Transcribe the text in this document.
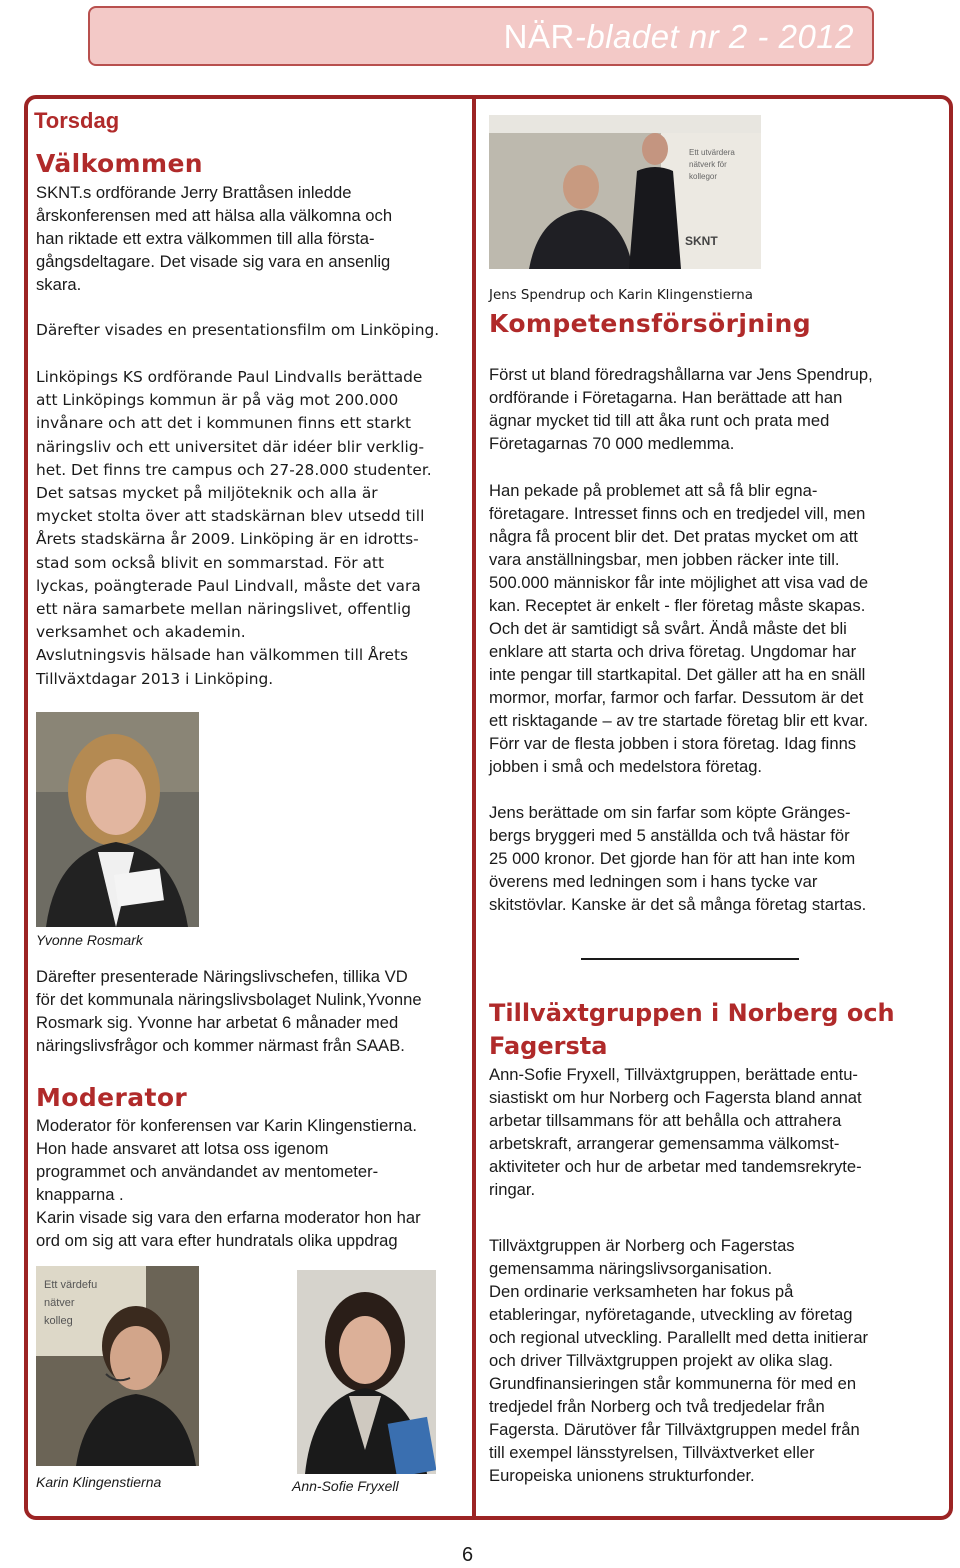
NÄR-bladet nr 2 - 2012
Torsdag
Välkommen
SKNT.s ordförande Jerry Brattåsen inledde
årskonferensen med att hälsa alla välkomna och
han riktade ett extra välkommen till alla första-
gångsdeltagare. Det visade sig vara en ansenlig
skara.
Därefter visades en presentationsfilm om Linköping.
Linköpings KS ordförande Paul Lindvalls berättade
att Linköpings kommun är på väg mot 200.000
invånare och att det i kommunen finns ett starkt
näringsliv och ett universitet där idéer blir verklig-
het. Det finns tre campus och 27-28.000 studenter.
Det satsas mycket på miljöteknik och alla är
mycket stolta över att stadskärnan blev utsedd till
Årets stadskärna år 2009. Linköping är en idrotts-
stad som också blivit en sommarstad. För att
lyckas, poängterade Paul Lindvall, måste det vara
ett nära samarbete mellan näringslivet, offentlig
verksamhet och akademin.
Avslutningsvis hälsade han välkommen till Årets
Tillväxtdagar 2013 i Linköping.
Yvonne Rosmark
Därefter presenterade Näringslivschefen, tillika VD
för det kommunala näringslivsbolaget Nulink,Yvonne
Rosmark sig. Yvonne har arbetat 6 månader med
näringslivsfrågor och kommer närmast från SAAB.
Moderator
Moderator för konferensen var Karin Klingenstierna.
Hon hade ansvaret att lotsa oss igenom
programmet och användandet av mentometer-
knapparna .
Karin visade sig vara den erfarna moderator hon har
ord om sig att vara efter hundratals olika uppdrag
Ett värdefu
nätver
kolleg
Karin Klingenstierna	Ann-Sofie Fryxell
Ett utvärdera
nätverk för
kollegor
SKNT
Jens Spendrup och Karin Klingenstierna
Kompetensförsörjning
Först ut bland föredragshållarna var Jens Spendrup,
ordförande i Företagarna. Han berättade att han
ägnar mycket tid till att åka runt och prata med
Företagarnas 70 000 medlemma.
Han pekade på problemet att så få blir egna-
företagare. Intresset finns och en tredjedel vill, men
några få procent blir det. Det pratas mycket om att
vara anställningsbar, men jobben räcker inte till.
500.000 människor får inte möjlighet att visa vad de
kan. Receptet är enkelt - fler företag måste skapas.
Och det är samtidigt så svårt. Ändå måste det bli
enklare att starta och driva företag. Ungdomar har
inte pengar till startkapital. Det gäller att ha en snäll
mormor, morfar, farmor och farfar. Dessutom är det
ett risktagande – av tre startade företag blir ett kvar.
Förr var de flesta jobben i stora företag. Idag finns
jobben i små och medelstora företag.
Jens berättade om sin farfar som köpte Gränges-
bergs bryggeri med 5 anställda och två hästar för
25 000 kronor. Det gjorde han för att han inte kom
överens med ledningen som i hans tycke var
skitstövlar. Kanske är det så många företag startas.
Tillväxtgruppen i Norberg och
Fagersta
Ann-Sofie Fryxell, Tillväxtgruppen, berättade entu-
siastiskt om hur Norberg och Fagersta bland annat
arbetar tillsammans för att behålla och attrahera
arbetskraft, arrangerar gemensamma välkomst-
aktiviteter och hur de arbetar med tandemsrekryte-
ringar.
Tillväxtgruppen är Norberg och Fagerstas
gemensamma näringslivsorganisation.
Den ordinarie verksamheten har fokus på
etableringar, nyföretagande, utveckling av företag
och regional utveckling. Parallellt med detta initierar
och driver Tillväxtgruppen projekt av olika slag.
Grundfinansieringen står kommunerna för med en
tredjedel från Norberg och två tredjedelar från
Fagersta. Därutöver får Tillväxtgruppen medel från
till exempel länsstyrelsen, Tillväxtverket eller
Europeiska unionens strukturfonder.
6
